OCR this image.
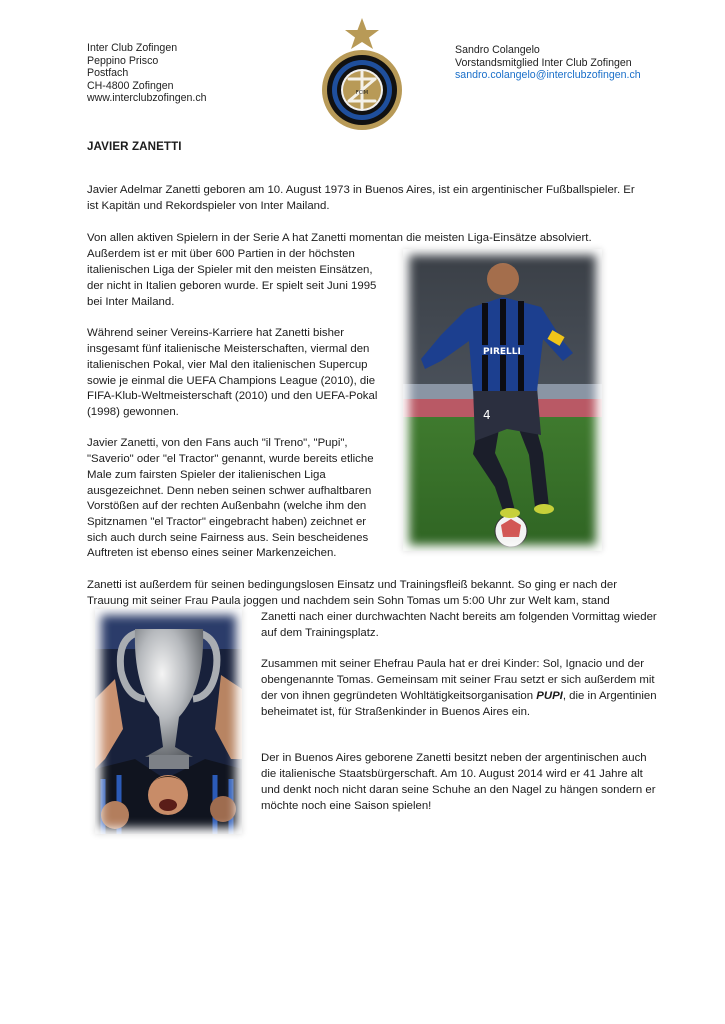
Inter Club Zofingen
Peppino Prisco
Postfach
CH-4800 Zofingen
www.interclubzofingen.ch	FCIM
Sandro Colangelo
Vorstandsmitglied Inter Club Zofingen
sandro.colangelo@interclubzofingen.ch
JAVIER ZANETTI

Javier Adelmar Zanetti geboren am 10. August 1973 in Buenos Aires, ist ein argentinischer Fußballspieler. Er ist Kapitän und Rekordspieler von Inter Mailand.

Von allen aktiven Spielern in der Serie A hat Zanetti momentan die meisten Liga-Einsätze absolviert.

Außerdem ist er mit über 600 Partien in der höchsten italienischen Liga der Spieler mit den meisten Einsätzen, der nicht in Italien geboren wurde. Er spielt seit Juni 1995 bei Inter Mailand.

Während seiner Vereins-Karriere hat Zanetti bisher insgesamt fünf italienische Meisterschaften, viermal den italienischen Pokal, vier Mal den italienischen Supercup sowie je einmal die UEFA Champions League (2010), die FIFA-Klub-Weltmeisterschaft (2010) und den UEFA-Pokal (1998) gewonnen.

Javier Zanetti, von den Fans auch "il Treno", "Pupi", "Saverio" oder "el Tractor" genannt, wurde bereits etliche Male zum fairsten Spieler der italienischen Liga ausgezeichnet. Denn neben seinen schwer aufhaltbaren Vorstößen auf der rechten Außenbahn (welche ihm den Spitznamen "el Tractor" eingebracht haben) zeichnet er sich auch durch seine Fairness aus. Sein bescheidenes Auftreten ist ebenso eines seiner Markenzeichen.

Zanetti ist außerdem für seinen bedingungslosen Einsatz und Trainingsfleiß bekannt. So ging er nach der Trauung mit seiner Frau Paula joggen und nachdem sein Sohn Tomas um 5:00 Uhr zur Welt kam, stand

Zanetti nach einer durchwachten Nacht bereits am folgenden Vormittag wieder auf dem Trainingsplatz.

Zusammen mit seiner Ehefrau Paula hat er drei Kinder: Sol, Ignacio und der obengenannte Tomas. Gemeinsam mit seiner Frau setzt er sich außerdem mit der von ihnen gegründeten Wohltätigkeitsorganisation PUPI, die in Argentinien beheimatet ist, für Straßenkinder in Buenos Aires ein.

Der in Buenos Aires geborene Zanetti besitzt neben der argentinischen auch die italienische Staatsbürgerschaft. Am 10. August 2014 wird er 41 Jahre alt und denkt noch nicht daran seine Schuhe an den Nagel zu hängen sondern er möchte noch eine Saison spielen!

4
PIRELLI
